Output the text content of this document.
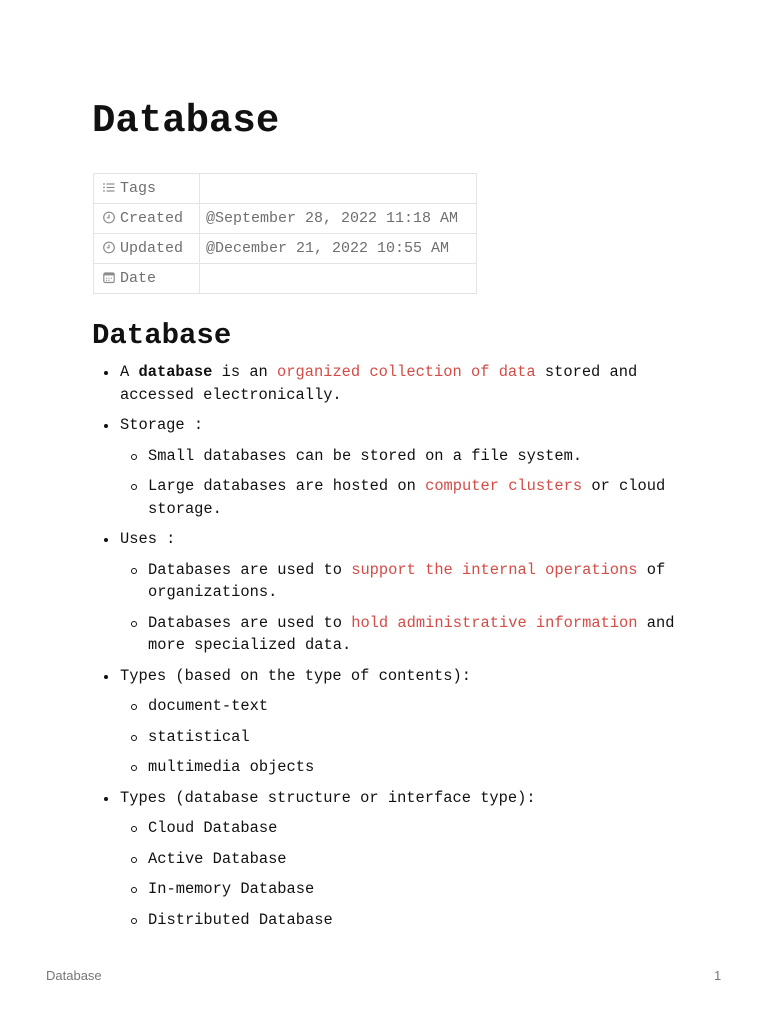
Database
Tags	

Created	@September 28, 2022 11:18 AM

Updated	@December 21, 2022 10:55 AM

Date	
Database
A database is an organized collection of data stored and accessed electronically.
Storage :
Small databases can be stored on a file system.
Large databases are hosted on computer clusters or cloud storage.
Uses :
Databases are used to support the internal operations of organizations.
Databases are used to hold administrative information and more specialized data.
Types (based on the type of contents):
document-text
statistical
multimedia objects
Types (database structure or interface type):
Cloud Database
Active Database
In-memory Database
Distributed Database
Database	1
